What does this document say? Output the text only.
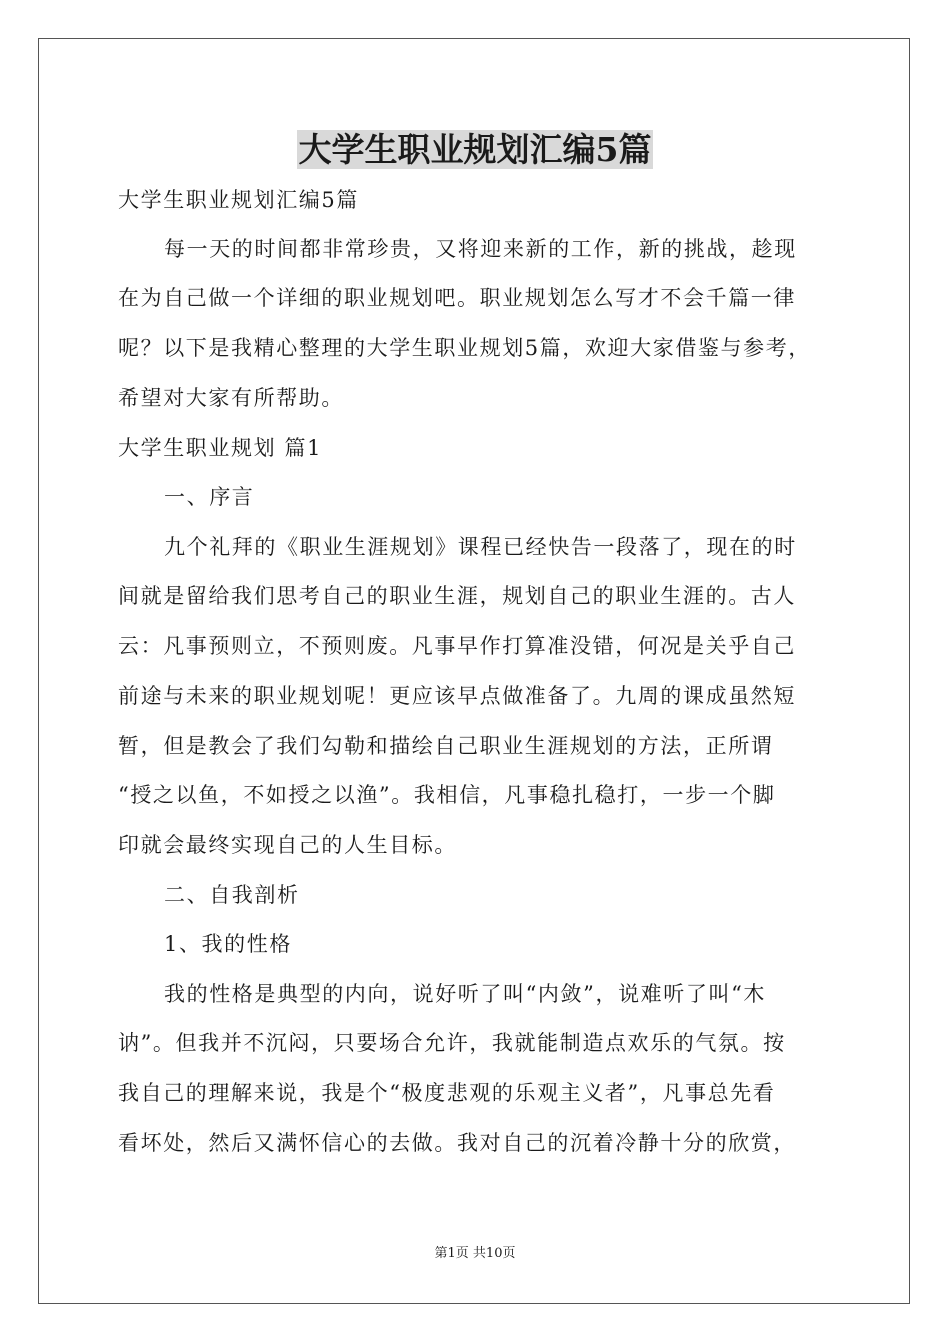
大学生职业规划汇编5篇
大学生职业规划汇编5篇
每一天的时间都非常珍贵，又将迎来新的工作，新的挑战，趁现
在为自己做一个详细的职业规划吧。职业规划怎么写才不会千篇一律
呢？以下是我精心整理的大学生职业规划5篇，欢迎大家借鉴与参考，
希望对大家有所帮助。
大学生职业规划 篇1
一、序言
九个礼拜的《职业生涯规划》课程已经快告一段落了，现在的时
间就是留给我们思考自己的职业生涯，规划自己的职业生涯的。古人
云：凡事预则立，不预则废。凡事早作打算准没错，何况是关乎自己
前途与未来的职业规划呢！更应该早点做准备了。九周的课成虽然短
暂，但是教会了我们勾勒和描绘自己职业生涯规划的方法，正所谓
“授之以鱼，不如授之以渔”。我相信，凡事稳扎稳打，一步一个脚
印就会最终实现自己的人生目标。
二、自我剖析
1、我的性格
我的性格是典型的内向，说好听了叫“内敛”，说难听了叫“木
讷”。但我并不沉闷，只要场合允许，我就能制造点欢乐的气氛。按
我自己的理解来说，我是个“极度悲观的乐观主义者”，凡事总先看
看坏处，然后又满怀信心的去做。我对自己的沉着冷静十分的欣赏，
第1页 共10页
